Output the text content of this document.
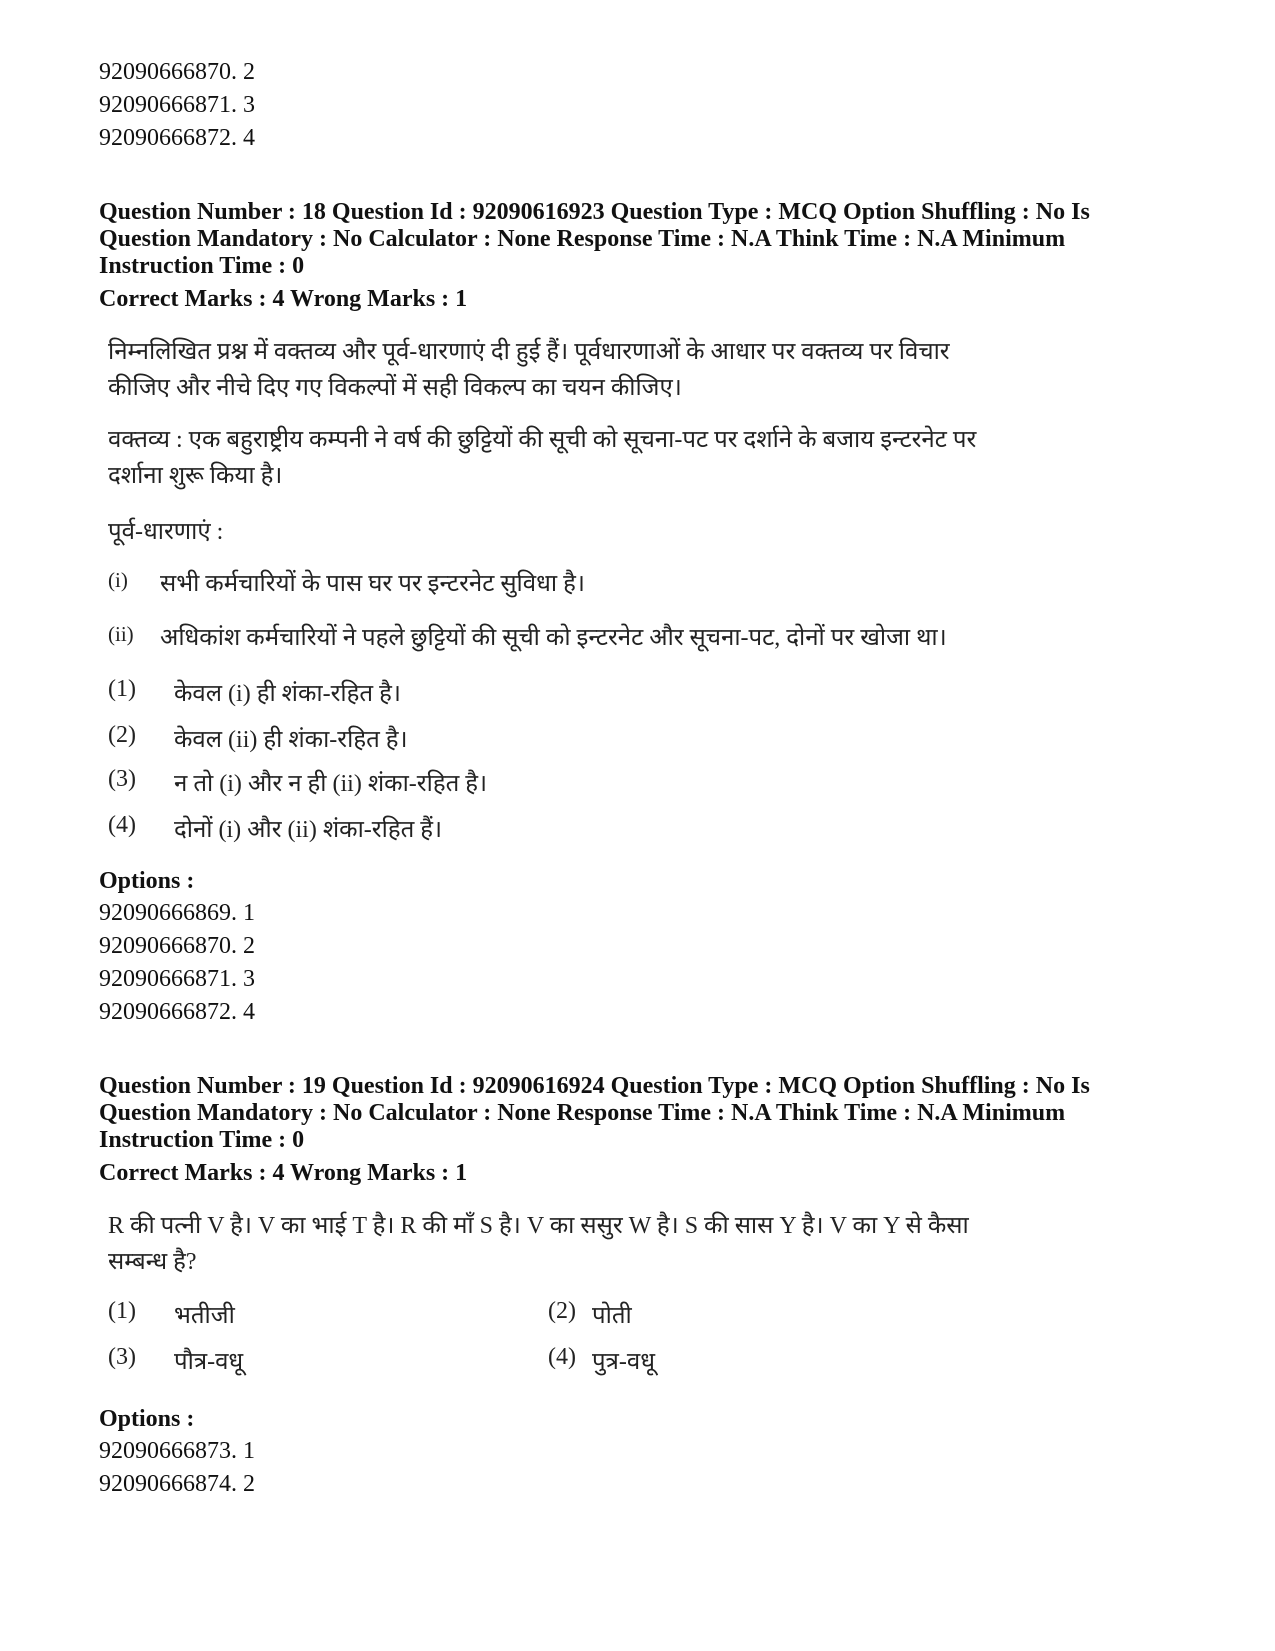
92090666870. 2
92090666871. 3
92090666872. 4
Question Number : 18 Question Id : 92090616923 Question Type : MCQ Option Shuffling : No Is
Question Mandatory : No Calculator : None Response Time : N.A Think Time : N.A Minimum
Instruction Time : 0
Correct Marks : 4 Wrong Marks : 1
निम्नलिखित प्रश्न में वक्तव्य और पूर्व-धारणाएं दी हुई हैं। पूर्वधारणाओं के आधार पर वक्तव्य पर विचार
कीजिए और नीचे दिए गए विकल्पों में सही विकल्प का चयन कीजिए।
वक्तव्य : एक बहुराष्ट्रीय कम्पनी ने वर्ष की छुट्टियों की सूची को सूचना-पट पर दर्शाने के बजाय इन्टरनेट पर
दर्शाना शुरू किया है।
पूर्व-धारणाएं :
(i) सभी कर्मचारियों के पास घर पर इन्टरनेट सुविधा है।
(ii) अधिकांश कर्मचारियों ने पहले छुट्टियों की सूची को इन्टरनेट और सूचना-पट, दोनों पर खोजा था।
(1) केवल (i) ही शंका-रहित है।
(2) केवल (ii) ही शंका-रहित है।
(3) न तो (i) और न ही (ii) शंका-रहित है।
(4) दोनों (i) और (ii) शंका-रहित हैं।
Options :
92090666869. 1
92090666870. 2
92090666871. 3
92090666872. 4
Question Number : 19 Question Id : 92090616924 Question Type : MCQ Option Shuffling : No Is
Question Mandatory : No Calculator : None Response Time : N.A Think Time : N.A Minimum
Instruction Time : 0
Correct Marks : 4 Wrong Marks : 1
R की पत्नी V है। V का भाई T है। R की माँ S है। V का ससुर W है। S की सास Y है। V का Y से कैसा
सम्बन्ध है?
(1) भतीजी	(2) पोती
(3) पौत्र-वधू	(4) पुत्र-वधू
Options :
92090666873. 1
92090666874. 2
